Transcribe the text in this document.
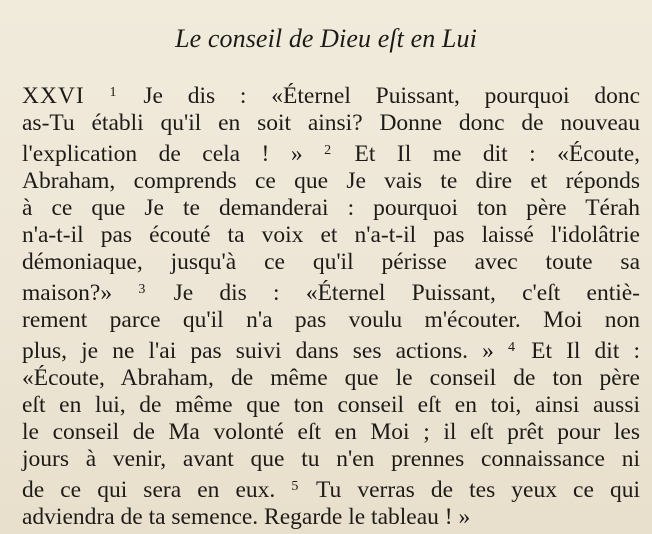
Le conseil de Dieu eſt en Lui
XXVI $^1$ Je dis : «Éternel Puissant, pourquoi donc
as-Tu établi qu'il en soit ainsi? Donne donc de nouveau
l'explication de cela ! » $^2$ Et Il me dit : «Écoute,
Abraham, comprends ce que Je vais te dire et réponds
à ce que Je te demanderai : pourquoi ton père Térah
n'a-t-il pas écouté ta voix et n'a-t-il pas laissé l'idolâtrie
démoniaque, jusqu'à ce qu'il périsse avec toute sa
maison?» $^3$ Je dis : «Éternel Puissant, c'eſt entiè-
rement parce qu'il n'a pas voulu m'écouter. Moi non
plus, je ne l'ai pas suivi dans ses actions. » $^4$ Et Il dit :
«Écoute, Abraham, de même que le conseil de ton père
eſt en lui, de même que ton conseil eſt en toi, ainsi aussi
le conseil de Ma volonté eſt en Moi ; il eſt prêt pour les
jours à venir, avant que tu n'en prennes connaissance ni
de ce qui sera en eux. $^5$ Tu verras de tes yeux ce qui
adviendra de ta semence. Regarde le tableau ! »
